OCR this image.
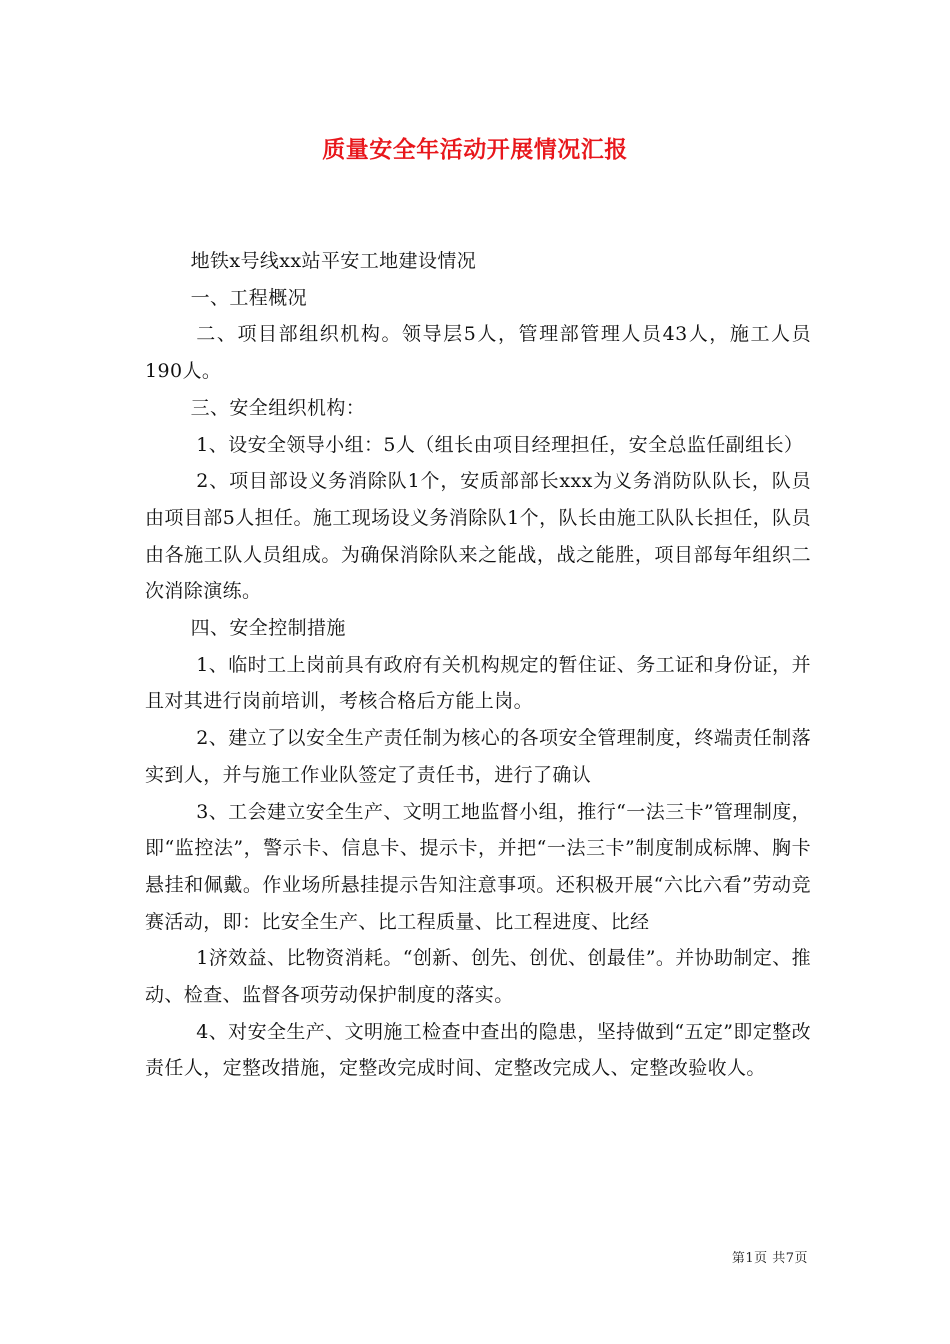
质量安全年活动开展情况汇报

地铁x号线xx站平安工地建设情况

一、工程概况

二、项目部组织机构。领导层5人，管理部管理人员43人，施工人员190人。

三、安全组织机构：

1、设安全领导小组：5人（组长由项目经理担任，安全总监任副组长）

2、项目部设义务消除队1个，安质部部长xxx为义务消防队队长，队员由项目部5人担任。施工现场设义务消除队1个，队长由施工队队长担任，队员由各施工队人员组成。为确保消除队来之能战，战之能胜，项目部每年组织二次消除演练。

四、安全控制措施

1、临时工上岗前具有政府有关机构规定的暂住证、务工证和身份证，并且对其进行岗前培训，考核合格后方能上岗。

2、建立了以安全生产责任制为核心的各项安全管理制度，终端责任制落实到人，并与施工作业队签定了责任书，进行了确认

3、工会建立安全生产、文明工地监督小组，推行“一法三卡”管理制度，即“监控法”，警示卡、信息卡、提示卡，并把“一法三卡”制度制成标牌、胸卡悬挂和佩戴。作业场所悬挂提示告知注意事项。还积极开展“六比六看”劳动竞赛活动，即：比安全生产、比工程质量、比工程进度、比经

1济效益、比物资消耗。“创新、创先、创优、创最佳”。并协助制定、推动、检查、监督各项劳动保护制度的落实。

4、对安全生产、文明施工检查中查出的隐患，坚持做到“五定”即定整改责任人，定整改措施，定整改完成时间、定整改完成人、定整改验收人。

第1页 共7页
